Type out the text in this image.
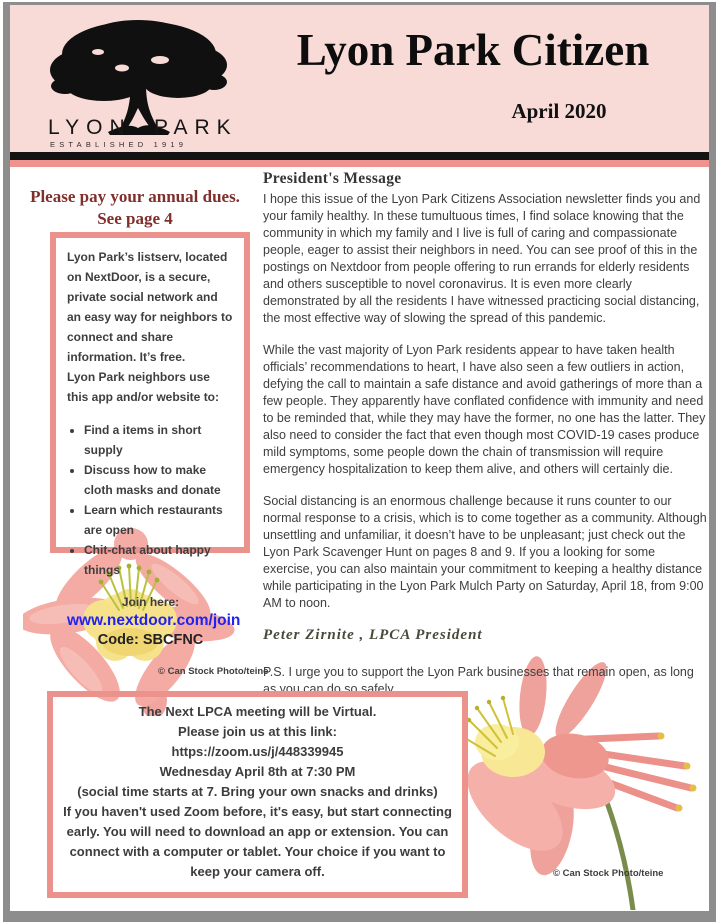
LYON PARK
ESTABLISHED 1919
Lyon Park Citizen
April 2020
Please pay your annual dues.
See page 4

Lyon Park’s listserv, located on NextDoor, is a secure, private social network and an easy way for neighbors to connect and share information. It’s free.

Lyon Park neighbors use this app and/or website to:

• Find a items in short supply
• Discuss how to make cloth masks and donate
• Learn which restaurants are open
• Chit-chat about happy things
Join here:
www.nextdoor.com/join
Code: SBCFNC
© Can Stock Photo/teine
President's Message

I hope this issue of the Lyon Park Citizens Association newsletter finds you and your family healthy. In these tumultuous times, I find solace knowing that the community in which my family and I live is full of caring and compassionate people, eager to assist their neighbors in need. You can see proof of this in the postings on Nextdoor from people offering to run errands for elderly residents and others susceptible to novel coronavirus. It is even more clearly demonstrated by all the residents I have witnessed practicing social distancing, the most effective way of slowing the spread of this pandemic.

While the vast majority of Lyon Park residents appear to have taken health officials’ recommendations to heart, I have also seen a few outliers in action, defying the call to maintain a safe distance and avoid gatherings of more than a few people. They apparently have conflated confidence with immunity and need to be reminded that, while they may have the former, no one has the latter. They also need to consider the fact that even though most COVID-19 cases produce mild symptoms, some people down the chain of transmission will require emergency hospitalization to keep them alive, and others will certainly die.

Social distancing is an enormous challenge because it runs counter to our normal response to a crisis, which is to come together as a community. Although unsettling and unfamiliar, it doesn’t have to be unpleasant; just check out the Lyon Park Scavenger Hunt on pages 8 and 9. If you a looking for some exercise, you can also maintain your commitment to keeping a healthy distance while participating in the Lyon Park Mulch Party on Saturday, April 18, from 9:00 AM to noon.

Peter Zirnite , LPCA President

P.S. I urge you to support the Lyon Park businesses that remain open, as long as you can do so safely.

The Next LPCA meeting will be Virtual.
Please join us at this link:
https://zoom.us/j/448339945
Wednesday April 8th at 7:30 PM
(social time starts at 7. Bring your own snacks and drinks)
If you haven't used Zoom before, it's easy, but start connecting early. You will need to download an app or extension. You can connect with a computer or tablet. Your choice if you want to keep your camera off.	© Can Stock Photo/teine
